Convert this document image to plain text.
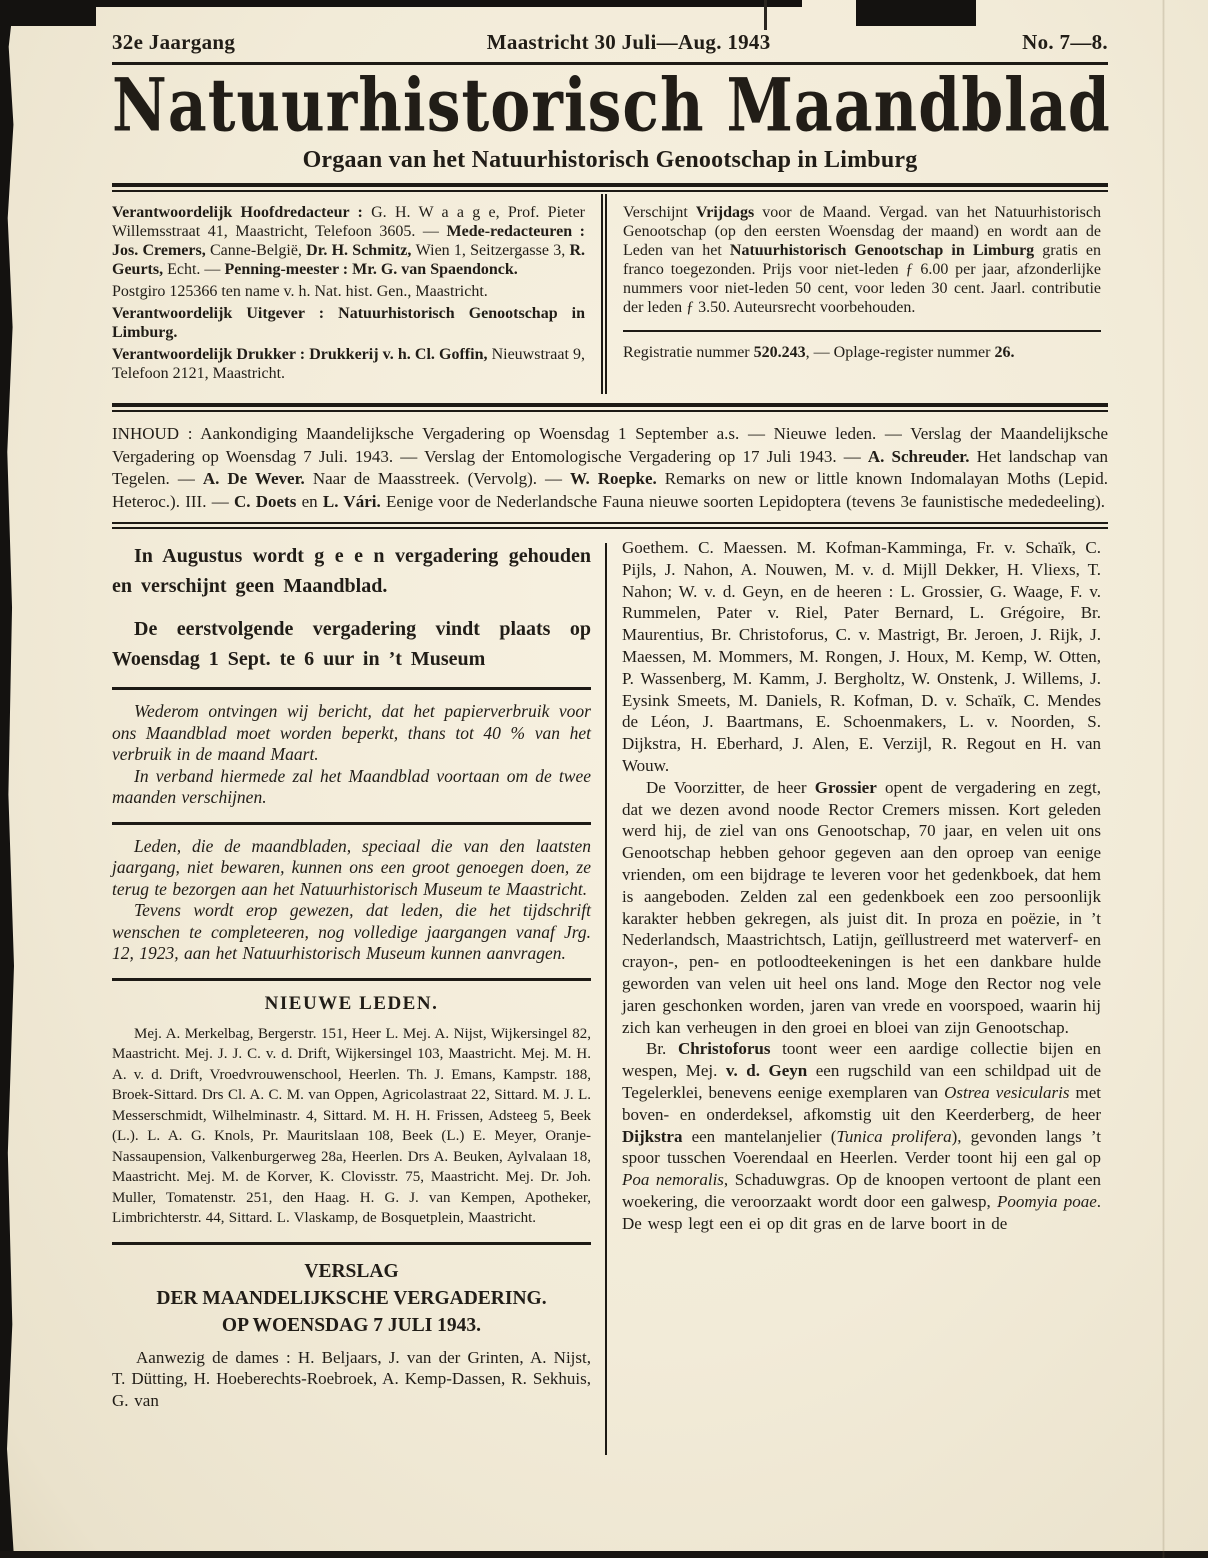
32e Jaargang	Maastricht 30 Juli—Aug. 1943	No. 7—8.
Natuurhistorisch Maandblad
Orgaan van het Natuurhistorisch Genootschap in Limburg

Verantwoordelijk Hoofdredacteur : G. H. W a a g e, Prof. Pieter Willemsstraat 41, Maastricht, Telefoon 3605. — Mede-redacteuren : Jos. Cremers, Canne-België, Dr. H. Schmitz, Wien 1, Seitzergasse 3, R. Geurts, Echt. — Penning-meester : Mr. G. van Spaendonck.

Postgiro 125366 ten name v. h. Nat. hist. Gen., Maastricht.

Verantwoordelijk Uitgever : Natuurhistorisch Genootschap in Limburg.

Verantwoordelijk Drukker : Drukkerij v. h. Cl. Goffin, Nieuwstraat 9, Telefoon 2121, Maastricht.

Verschijnt Vrijdags voor de Maand. Vergad. van het Natuurhistorisch Genootschap (op den eersten Woensdag der maand) en wordt aan de Leden van het Natuurhistorisch Genootschap in Limburg gratis en franco toegezonden. Prijs voor niet-leden ƒ 6.00 per jaar, afzonderlijke nummers voor niet-leden 50 cent, voor leden 30 cent. Jaarl. contributie der leden ƒ 3.50. Auteursrecht voorbehouden.

Registratie nummer 520.243, — Oplage-register nummer 26.

INHOUD : Aankondiging Maandelijksche Vergadering op Woensdag 1 September a.s. — Nieuwe leden. — Verslag der Maandelijksche Vergadering op Woensdag 7 Juli. 1943. — Verslag der Entomologische Vergadering op 17 Juli 1943. — A. Schreuder. Het landschap van Tegelen. — A. De Wever. Naar de Maasstreek. (Vervolg). — W. Roepke. Remarks on new or little known Indomalayan Moths (Lepid. Heteroc.). III. — C. Doets en L. Vári. Eenige voor de Nederlandsche Fauna nieuwe soorten Lepidoptera (tevens 3e faunistische mededeeling).

In Augustus wordt g e e n vergadering gehouden en verschijnt geen Maandblad.

De eerstvolgende vergadering vindt plaats op Woensdag 1 Sept. te 6 uur in ’t Museum

Wederom ontvingen wij bericht, dat het papierverbruik voor ons Maandblad moet worden beperkt, thans tot 40 % van het verbruik in de maand Maart.

In verband hiermede zal het Maandblad voortaan om de twee maanden verschijnen.

Leden, die de maandbladen, speciaal die van den laatsten jaargang, niet bewaren, kunnen ons een groot genoegen doen, ze terug te bezorgen aan het Natuurhistorisch Museum te Maastricht.

Tevens wordt erop gewezen, dat leden, die het tijdschrift wenschen te completeeren, nog volledige jaargangen vanaf Jrg. 12, 1923, aan het Natuurhistorisch Museum kunnen aanvragen.

NIEUWE LEDEN.

Mej. A. Merkelbag, Bergerstr. 151, Heer L. Mej. A. Nijst, Wijkersingel 82, Maastricht. Mej. J. J. C. v. d. Drift, Wijkersingel 103, Maastricht. Mej. M. H. A. v. d. Drift, Vroedvrouwenschool, Heerlen. Th. J. Emans, Kampstr. 188, Broek-Sittard. Drs Cl. A. C. M. van Oppen, Agricolastraat 22, Sittard. M. J. L. Messerschmidt, Wilhelminastr. 4, Sittard. M. H. H. Frissen, Adsteeg 5, Beek (L.). L. A. G. Knols, Pr. Mauritslaan 108, Beek (L.) E. Meyer, Oranje-Nassaupension, Valkenburgerweg 28a, Heerlen. Drs A. Beuken, Aylvalaan 18, Maastricht. Mej. M. de Korver, K. Clovisstr. 75, Maastricht. Mej. Dr. Joh. Muller, Tomatenstr. 251, den Haag. H. G. J. van Kempen, Apotheker, Limbrichterstr. 44, Sittard. L. Vlaskamp, de Bosquetplein, Maastricht.

VERSLAG
DER MAANDELIJKSCHE VERGADERING.
OP WOENSDAG 7 JULI 1943.

Aanwezig de dames : H. Beljaars, J. van der Grinten, A. Nijst, T. Dütting, H. Hoeberechts-Roebroek, A. Kemp-Dassen, R. Sekhuis, G. van

Goethem. C. Maessen. M. Kofman-Kamminga, Fr. v. Schaïk, C. Pijls, J. Nahon, A. Nouwen, M. v. d. Mijll Dekker, H. Vliexs, T. Nahon; W. v. d. Geyn, en de heeren : L. Grossier, G. Waage, F. v. Rummelen, Pater v. Riel, Pater Bernard, L. Grégoire, Br. Maurentius, Br. Christoforus, C. v. Mastrigt, Br. Jeroen, J. Rijk, J. Maessen, M. Mommers, M. Rongen, J. Houx, M. Kemp, W. Otten, P. Wassenberg, M. Kamm, J. Bergholtz, W. Onstenk, J. Willems, J. Eysink Smeets, M. Daniels, R. Kofman, D. v. Schaïk, C. Mendes de Léon, J. Baartmans, E. Schoenmakers, L. v. Noorden, S. Dijkstra, H. Eberhard, J. Alen, E. Verzijl, R. Regout en H. van Wouw.

De Voorzitter, de heer Grossier opent de vergadering en zegt, dat we dezen avond noode Rector Cremers missen. Kort geleden werd hij, de ziel van ons Genootschap, 70 jaar, en velen uit ons Genootschap hebben gehoor gegeven aan den oproep van eenige vrienden, om een bijdrage te leveren voor het gedenkboek, dat hem is aangeboden. Zelden zal een gedenkboek een zoo persoonlijk karakter hebben gekregen, als juist dit. In proza en poëzie, in ’t Nederlandsch, Maastrichtsch, Latijn, geïllustreerd met waterverf- en crayon-, pen- en potloodteekeningen is het een dankbare hulde geworden van velen uit heel ons land. Moge den Rector nog vele jaren geschonken worden, jaren van vrede en voorspoed, waarin hij zich kan verheugen in den groei en bloei van zijn Genootschap.

Br. Christoforus toont weer een aardige collectie bijen en wespen, Mej. v. d. Geyn een rugschild van een schildpad uit de Tegelerklei, benevens eenige exemplaren van Ostrea vesicularis met boven- en onderdeksel, afkomstig uit den Keerderberg, de heer Dijkstra een mantelanjelier (Tunica prolifera), gevonden langs ’t spoor tusschen Voerendaal en Heerlen. Verder toont hij een gal op Poa nemoralis, Schaduwgras. Op de knoopen vertoont de plant een woekering, die veroorzaakt wordt door een galwesp, Poomyia poae. De wesp legt een ei op dit gras en de larve boort in de
